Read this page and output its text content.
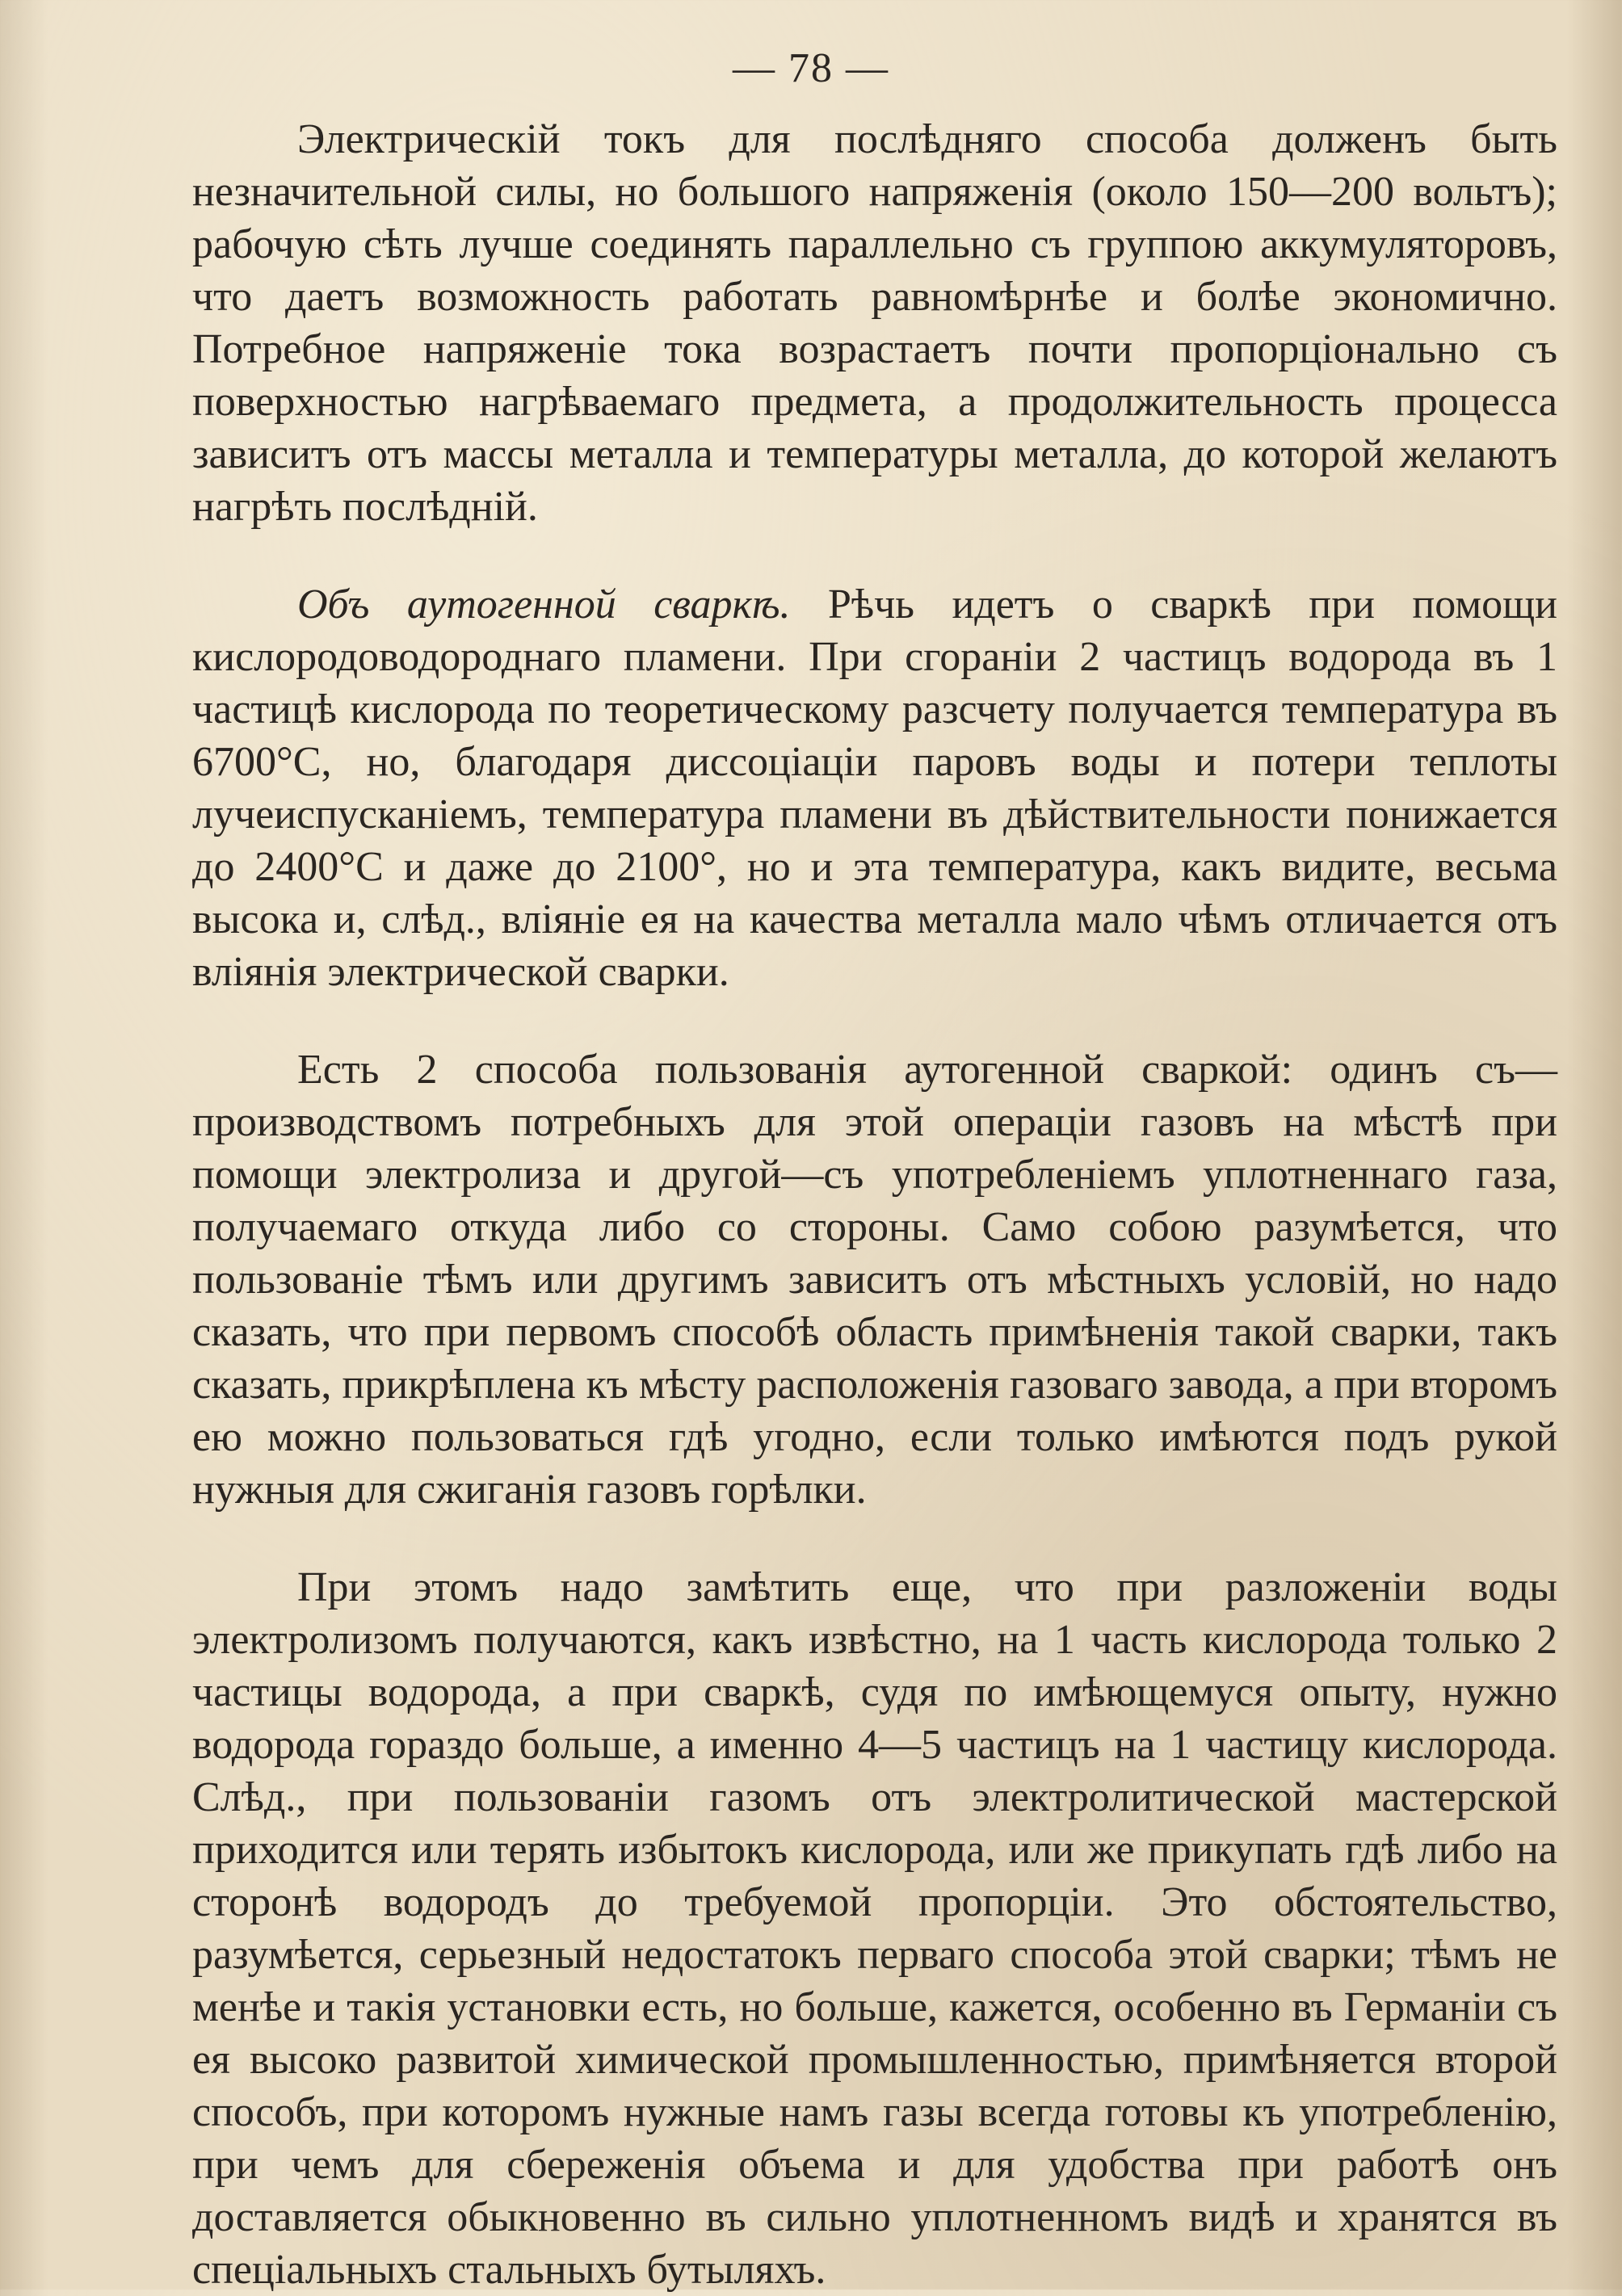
— 78 —

Электрическій токъ для послѣдняго способа долженъ быть незначительной силы, но большого напряженія (около 150—200 вольтъ); рабочую сѣть лучше соединять параллельно съ группою аккумуляторовъ, что даетъ возможность работать равномѣрнѣе и болѣе экономично. Потребное напряженіе тока возрастаетъ почти пропорціонально съ поверхностью нагрѣваемаго предмета, а продолжительность процесса зависитъ отъ массы металла и температуры металла, до которой желаютъ нагрѣть послѣдній.

Объ аутогенной сваркѣ. Рѣчь идетъ о сваркѣ при помощи кислородоводороднаго пламени. При сгораніи 2 частицъ водорода въ 1 частицѣ кислорода по теоретическому разсчету получается температура въ 6700°С, но, благодаря диссоціаціи паровъ воды и потери теплоты лучеиспусканіемъ, температура пламени въ дѣйствительности понижается до 2400°С и даже до 2100°, но и эта температура, какъ видите, весьма высока и, слѣд., вліяніе ея на качества металла мало чѣмъ отличается отъ вліянія электрической сварки.

Есть 2 способа пользованія аутогенной сваркой: одинъ съ—производствомъ потребныхъ для этой операціи газовъ на мѣстѣ при помощи электролиза и другой—съ употребленіемъ уплотненнаго газа, получаемаго откуда либо со стороны. Само собою разумѣется, что пользованіе тѣмъ или другимъ зависитъ отъ мѣстныхъ условій, но надо сказать, что при первомъ способѣ область примѣненія такой сварки, такъ сказать, прикрѣплена къ мѣсту расположенія газоваго завода, а при второмъ ею можно пользоваться гдѣ угодно, если только имѣются подъ рукой нужныя для сжиганія газовъ горѣлки.

При этомъ надо замѣтить еще, что при разложеніи воды электролизомъ получаются, какъ извѣстно, на 1 часть кислорода только 2 частицы водорода, а при сваркѣ, судя по имѣющемуся опыту, нужно водорода гораздо больше, а именно 4—5 частицъ на 1 частицу кислорода. Слѣд., при пользованіи газомъ отъ электролитической мастерской приходится или терять избытокъ кислорода, или же прикупать гдѣ либо на сторонѣ водородъ до требуемой пропорціи. Это обстоятельство, разумѣется, серьезный недостатокъ перваго способа этой сварки; тѣмъ не менѣе и такія установки есть, но больше, кажется, особенно въ Германіи съ ея высоко развитой химической промышленностью, примѣняется второй способъ, при которомъ нужные намъ газы всегда готовы къ употребленію, при чемъ для сбереженія объема и для удобства при работѣ онъ доставляется обыкновенно въ сильно уплотненномъ видѣ и хранятся въ спеціальныхъ стальныхъ бутыляхъ.
